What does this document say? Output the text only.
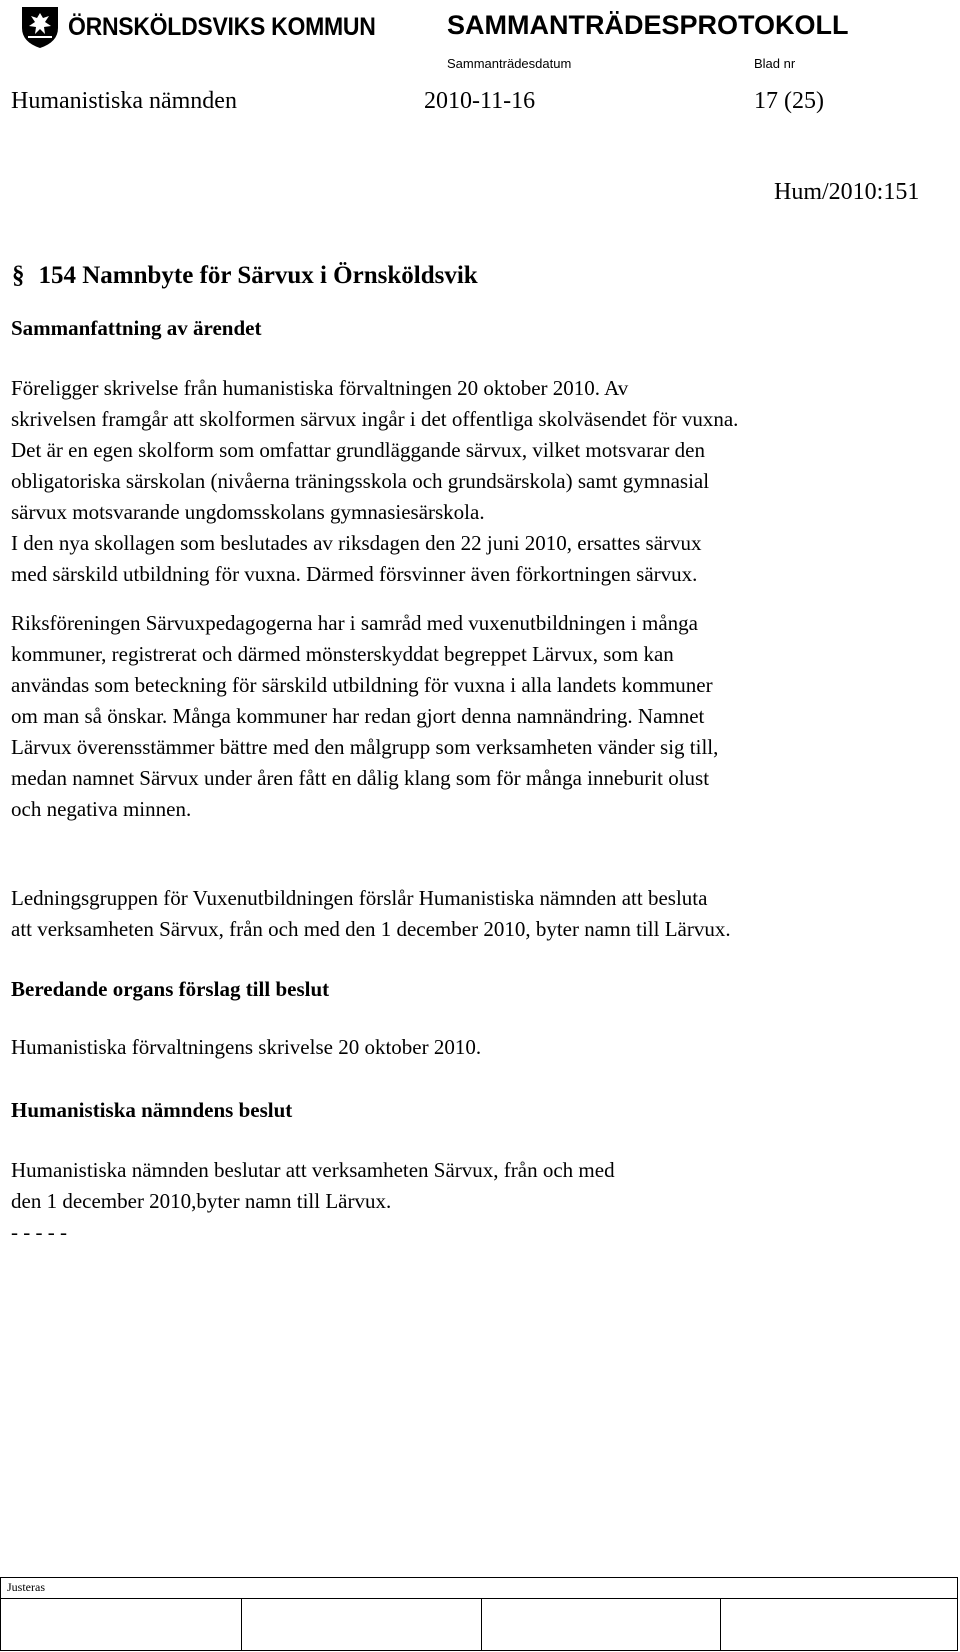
ÖRNSKÖLDSVIKS KOMMUN	SAMMANTRÄDESPROTOKOLL
Sammanträdesdatum	Blad nr
Humanistiska nämnden	2010-11-16	17 (25)
Hum/2010:151
§ 154 Namnbyte för Särvux i Örnsköldsvik
Sammanfattning av ärendet
Föreligger skrivelse från humanistiska förvaltningen 20 oktober 2010. Av
skrivelsen framgår att skolformen särvux ingår i det offentliga skolväsendet för vuxna.
Det är en egen skolform som omfattar grundläggande särvux, vilket motsvarar den
obligatoriska särskolan (nivåerna träningsskola och grundsärskola) samt gymnasial
särvux motsvarande ungdomsskolans gymnasiesärskola.
I den nya skollagen som beslutades av riksdagen den 22 juni 2010, ersattes särvux
med särskild utbildning för vuxna. Därmed försvinner även förkortningen särvux.
Riksföreningen Särvuxpedagogerna har i samråd med vuxenutbildningen i många
kommuner, registrerat och därmed mönsterskyddat begreppet Lärvux, som kan
användas som beteckning för särskild utbildning för vuxna i alla landets kommuner
om man så önskar. Många kommuner har redan gjort denna namnändring. Namnet
Lärvux överensstämmer bättre med den målgrupp som verksamheten vänder sig till,
medan namnet Särvux under åren fått en dålig klang som för många inneburit olust
och negativa minnen.
Ledningsgruppen för Vuxenutbildningen förslår Humanistiska nämnden att besluta
att verksamheten Särvux, från och med den 1 december 2010, byter namn till Lärvux.
Beredande organs förslag till beslut
Humanistiska förvaltningens skrivelse 20 oktober 2010.
Humanistiska nämndens beslut
Humanistiska nämnden beslutar att verksamheten Särvux, från och med
den 1 december 2010,byter namn till Lärvux.
- - - - -
Justeras
